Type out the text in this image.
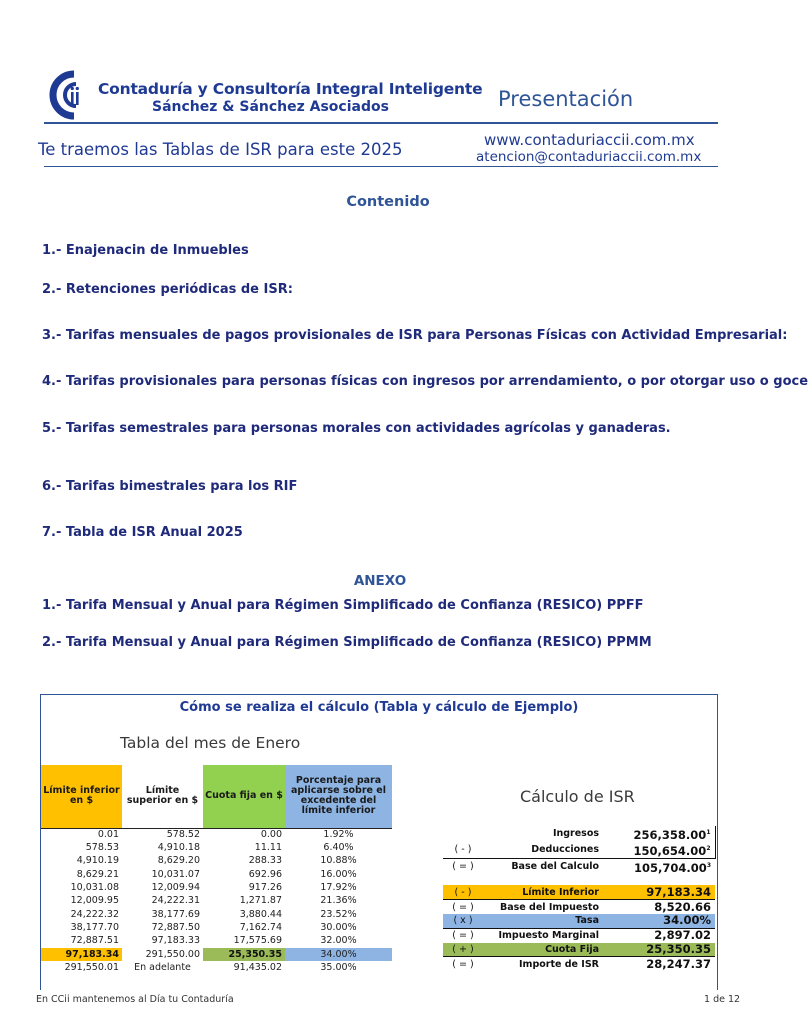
Contaduría y Consultoría Integral Inteligente
Sánchez & Sánchez Asociados	Presentación
Te traemos las Tablas de ISR para este 2025	www.contaduriaccii.com.mx
atencion@contaduriaccii.com.mx
Contenido
1.- Enajenacin de Inmuebles
2.- Retenciones periódicas de ISR:
3.- Tarifas mensuales de pagos provisionales de ISR para Personas Físicas con Actividad Empresarial:
4.- Tarifas provisionales para personas físicas con ingresos por arrendamiento, o por otorgar uso o goce
5.- Tarifas semestrales para personas morales con actividades agrícolas y ganaderas.
6.- Tarifas bimestrales para los RIF
7.- Tabla de ISR Anual 2025
ANEXO
1.- Tarifa Mensual y Anual para Régimen Simplificado de Confianza (RESICO) PPFF
2.- Tarifa Mensual y Anual para Régimen Simplificado de Confianza (RESICO) PPMM
Cómo se realiza el cálculo (Tabla y cálculo de Ejemplo)
Tabla del mes de Enero
Cálculo de ISR
Límite inferior en $	Límite superior en $	Cuota fija en $	Porcentaje para aplicarse sobre el excedente del límite inferior
0.01	578.52	0.00	1.92%
578.53	4,910.18	11.11	6.40%
4,910.19	8,629.20	288.33	10.88%
8,629.21	10,031.07	692.96	16.00%
10,031.08	12,009.94	917.26	17.92%
12,009.95	24,222.31	1,271.87	21.36%
24,222.32	38,177.69	3,880.44	23.52%
38,177.70	72,887.50	7,162.74	30.00%
72,887.51	97,183.33	17,575.69	32.00%
97,183.34	291,550.00	25,350.35	34.00%
291,550.01	En adelante	91,435.02	35.00%
	Ingresos	256,358.00$^1$
( - )	Deducciones	150,654.00$^2$
( = )	Base del Calculo	105,704.00$^3$

( - )	Límite Inferior	97,183.34
( = )	Base del Impuesto	8,520.66
( x )	Tasa	34.00%
( = )	Impuesto Marginal	2,897.02
( + )	Cuota Fija	25,350.35
( = )	Importe de ISR	28,247.37
En CCii mantenemos al Día tu Contaduría	1 de 12
